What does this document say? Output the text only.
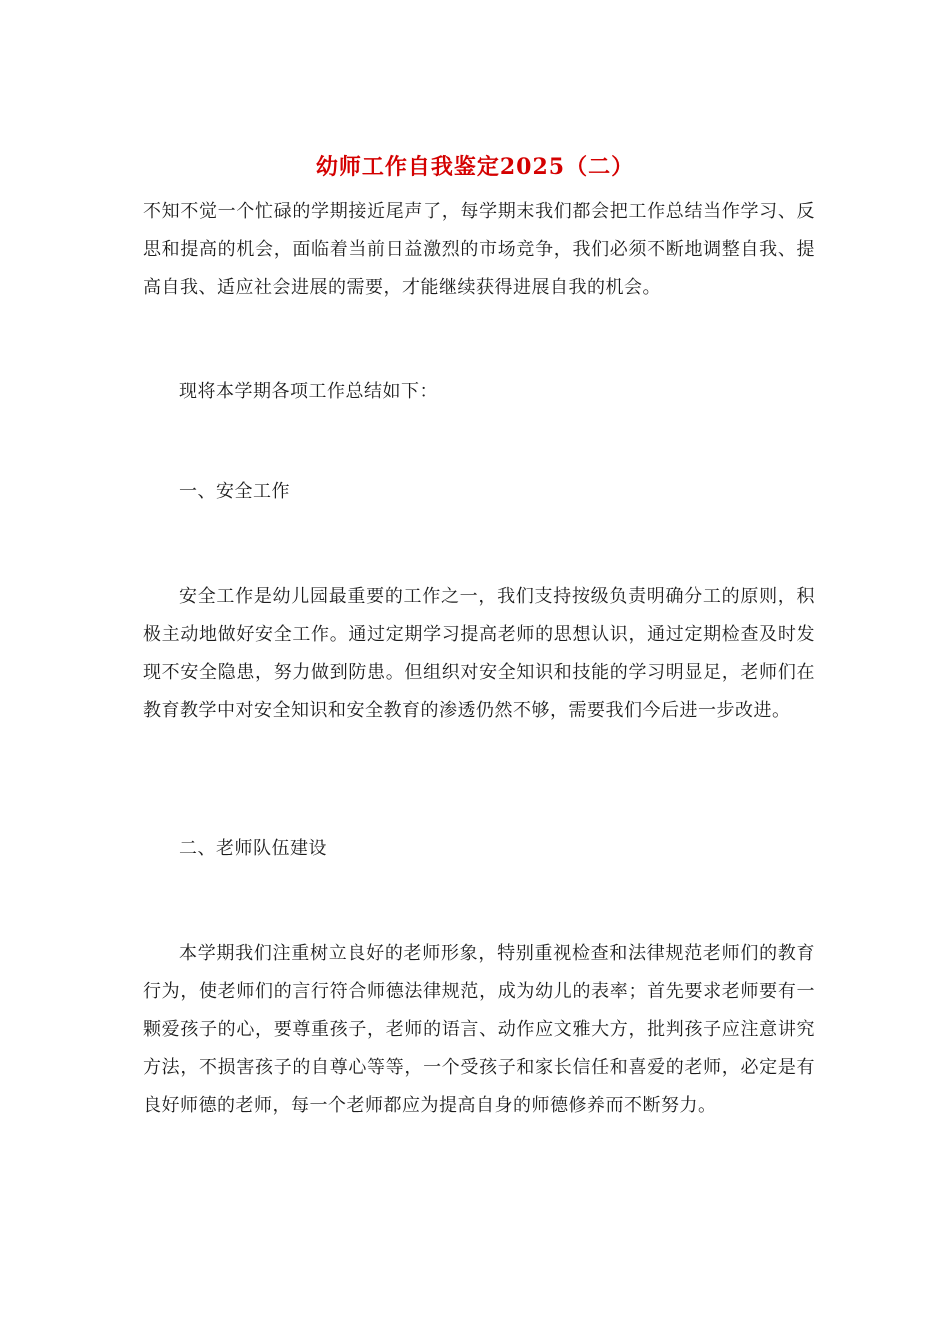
幼师工作自我鉴定2025（二）

不知不觉一个忙碌的学期接近尾声了，每学期末我们都会把工作总结当作学习、反思和提高的机会，面临着当前日益激烈的市场竞争，我们必须不断地调整自我、提高自我、适应社会进展的需要，才能继续获得进展自我的机会。

现将本学期各项工作总结如下：

一、安全工作

安全工作是幼儿园最重要的工作之一，我们支持按级负责明确分工的原则，积极主动地做好安全工作。通过定期学习提高老师的思想认识，通过定期检查及时发现不安全隐患，努力做到防患。但组织对安全知识和技能的学习明显足，老师们在教育教学中对安全知识和安全教育的渗透仍然不够，需要我们今后进一步改进。

二、老师队伍建设

本学期我们注重树立良好的老师形象，特别重视检查和法律规范老师们的教育行为，使老师们的言行符合师德法律规范，成为幼儿的表率；首先要求老师要有一颗爱孩子的心，要尊重孩子，老师的语言、动作应文雅大方，批判孩子应注意讲究方法，不损害孩子的自尊心等等，一个受孩子和家长信任和喜爱的老师，必定是有良好师德的老师，每一个老师都应为提高自身的师德修养而不断努力。
